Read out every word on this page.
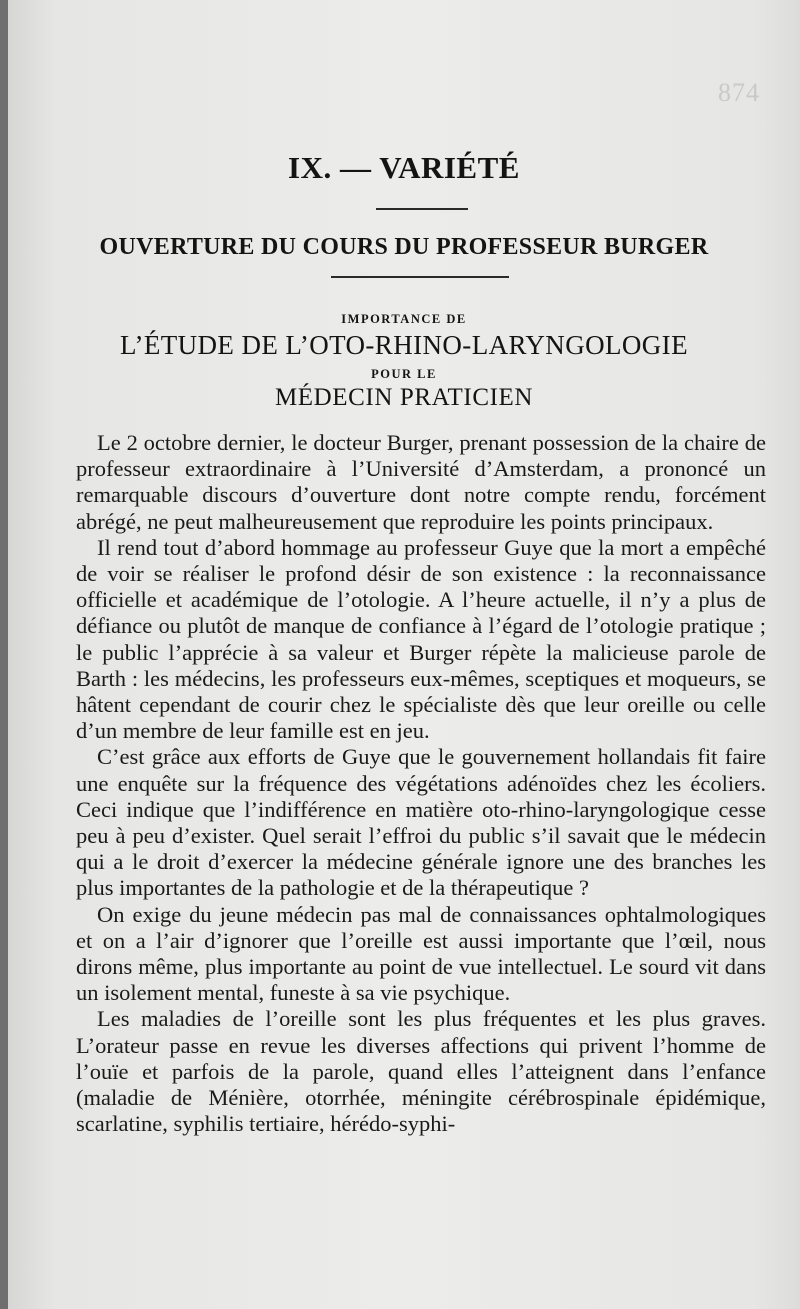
874
IX. — VARIÉTÉ
OUVERTURE DU COURS DU PROFESSEUR BURGER
IMPORTANCE DE
L’ÉTUDE DE L’OTO-RHINO-LARYNGOLOGIE
POUR LE
MÉDECIN PRATICIEN

Le 2 octobre dernier, le docteur Burger, prenant possession de la chaire de professeur extraordinaire à l’Université d’Amsterdam, a prononcé un remarquable discours d’ouverture dont notre compte rendu, forcément abrégé, ne peut malheureusement que reproduire les points principaux.

Il rend tout d’abord hommage au professeur Guye que la mort a empêché de voir se réaliser le profond désir de son existence : la reconnaissance officielle et académique de l’otologie. A l’heure actuelle, il n’y a plus de défiance ou plutôt de manque de confiance à l’égard de l’otologie pratique ; le public l’apprécie à sa valeur et Burger répète la malicieuse parole de Barth : les médecins, les professeurs eux-mêmes, sceptiques et moqueurs, se hâtent cependant de courir chez le spécialiste dès que leur oreille ou celle d’un membre de leur famille est en jeu.

C’est grâce aux efforts de Guye que le gouvernement hollandais fit faire une enquête sur la fréquence des végétations adénoïdes chez les écoliers. Ceci indique que l’indifférence en matière oto-rhino-laryngologique cesse peu à peu d’exister. Quel serait l’effroi du public s’il savait que le médecin qui a le droit d’exercer la médecine générale ignore une des branches les plus importantes de la pathologie et de la thérapeutique ?

On exige du jeune médecin pas mal de connaissances ophtalmologiques et on a l’air d’ignorer que l’oreille est aussi importante que l’œil, nous dirons même, plus importante au point de vue intellectuel. Le sourd vit dans un isolement mental, funeste à sa vie psychique.

Les maladies de l’oreille sont les plus fréquentes et les plus graves. L’orateur passe en revue les diverses affections qui privent l’homme de l’ouïe et parfois de la parole, quand elles l’atteignent dans l’enfance (maladie de Ménière, otorrhée, méningite cérébrospinale épidémique, scarlatine, syphilis tertiaire, hérédo-syphi-
